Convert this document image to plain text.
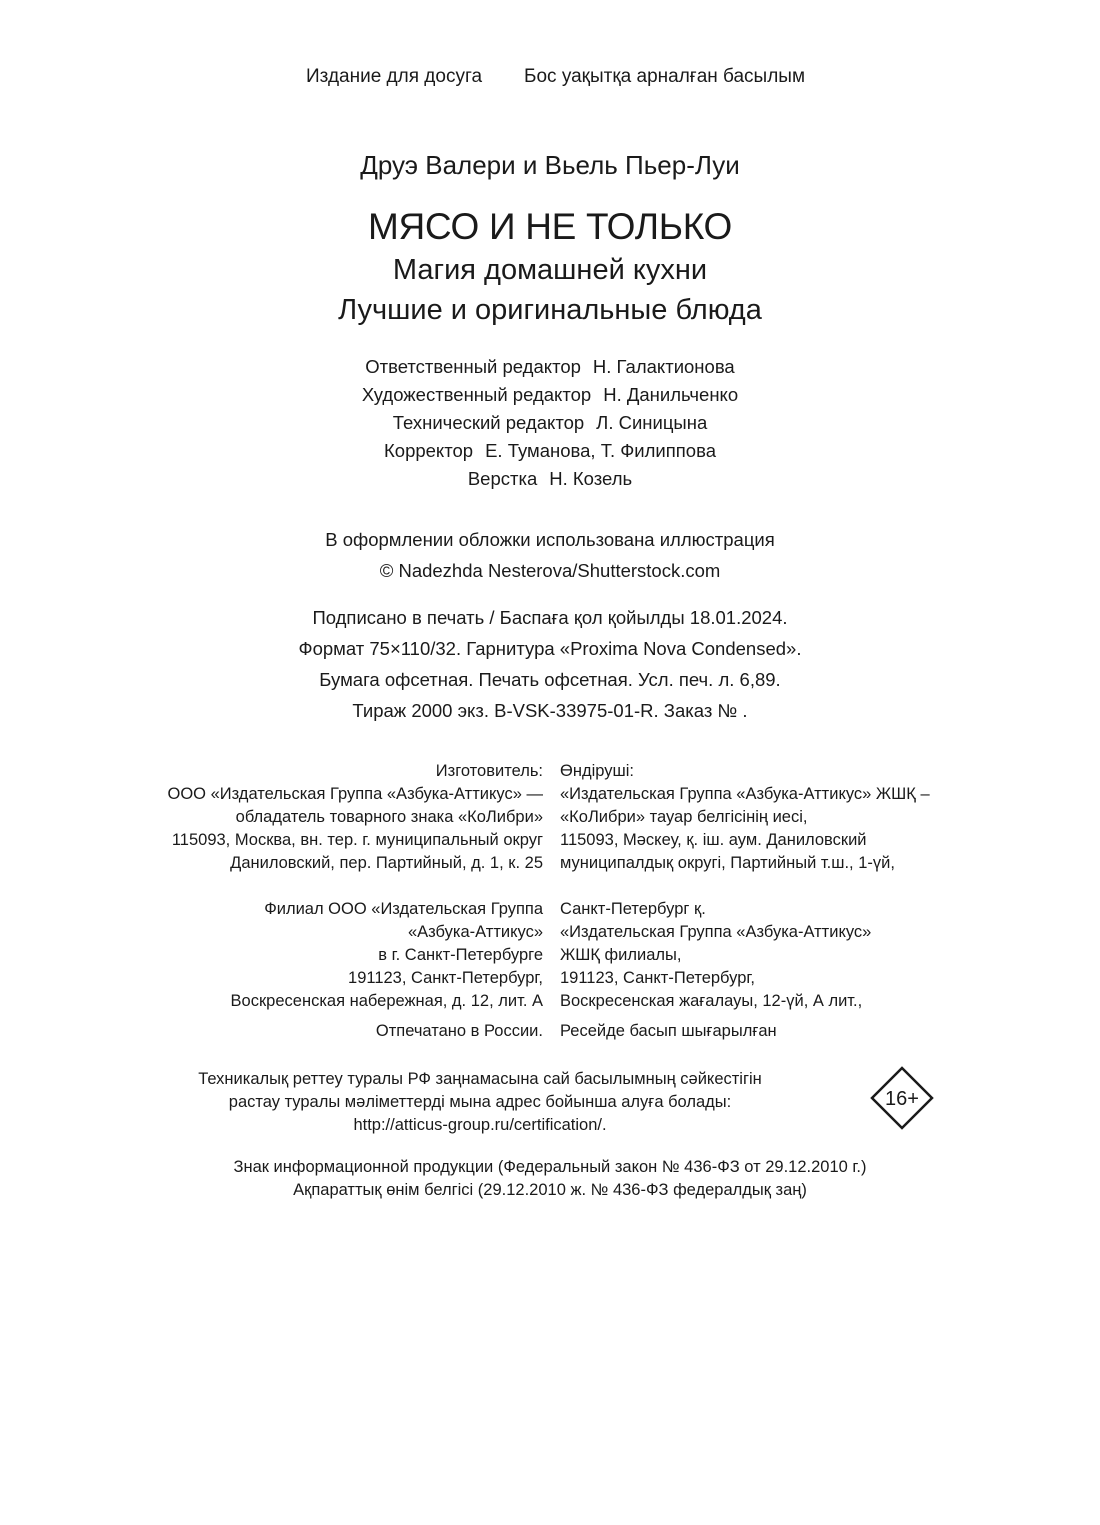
Издание для досуга Бос уақытқа арналған басылым
Друэ Валери и Вьель Пьер-Луи
МЯСО И НЕ ТОЛЬКО
Магия домашней кухни
Лучшие и оригинальные блюда
Ответственный редактор Н. Галактионова
Художественный редактор Н. Данильченко
Технический редактор Л. Синицына
Корректор Е. Туманова, Т. Филиппова
Верстка Н. Козель
В оформлении обложки использована иллюстрация
© Nadezhda Nesterova/Shutterstock.com
Подписано в печать / Баспаға қол қойылды 18.01.2024.
Формат 75×110/32. Гарнитура «Proxima Nova Condensed».
Бумага офсетная. Печать офсетная. Усл. печ. л. 6,89.
Тираж 2000 экз. B-VSK-33975-01-R. Заказ № .
Изготовитель:
ООО «Издательская Группа «Азбука-Аттикус» —
обладатель товарного знака «КоЛибри»
115093, Москва, вн. тер. г. муниципальный округ
Даниловский, пер. Партийный, д. 1, к. 25
Өндіруші:
«Издательская Группа «Азбука-Аттикус» ЖШҚ –
«КоЛибри» тауар белгісінің иесі,
115093, Мәскеу, қ. іш. аум. Даниловский
муниципалдық округі, Партийный т.ш., 1-үй,
Филиал ООО «Издательская Группа
«Азбука-Аттикус»
в г. Санкт-Петербурге
191123, Санкт-Петербург,
Воскресенская набережная, д. 12, лит. А
Санкт-Петербург қ.
«Издательская Группа «Азбука-Аттикус»
ЖШҚ филиалы,
191123, Санкт-Петербург,
Воскресенская жағалауы, 12-үй, А лит.,
Отпечатано в России. Ресейде басып шығарылған
Техникалық реттеу туралы РФ заңнамасына сай басылымның сәйкестігін
растау туралы мәліметтерді мына адрес бойынша алуға болады:
http://atticus-group.ru/certification/.
16+
Знак информационной продукции (Федеральный закон № 436-ФЗ от 29.12.2010 г.)
Ақпараттық өнім белгісі (29.12.2010 ж. № 436-ФЗ федералдық заң)
